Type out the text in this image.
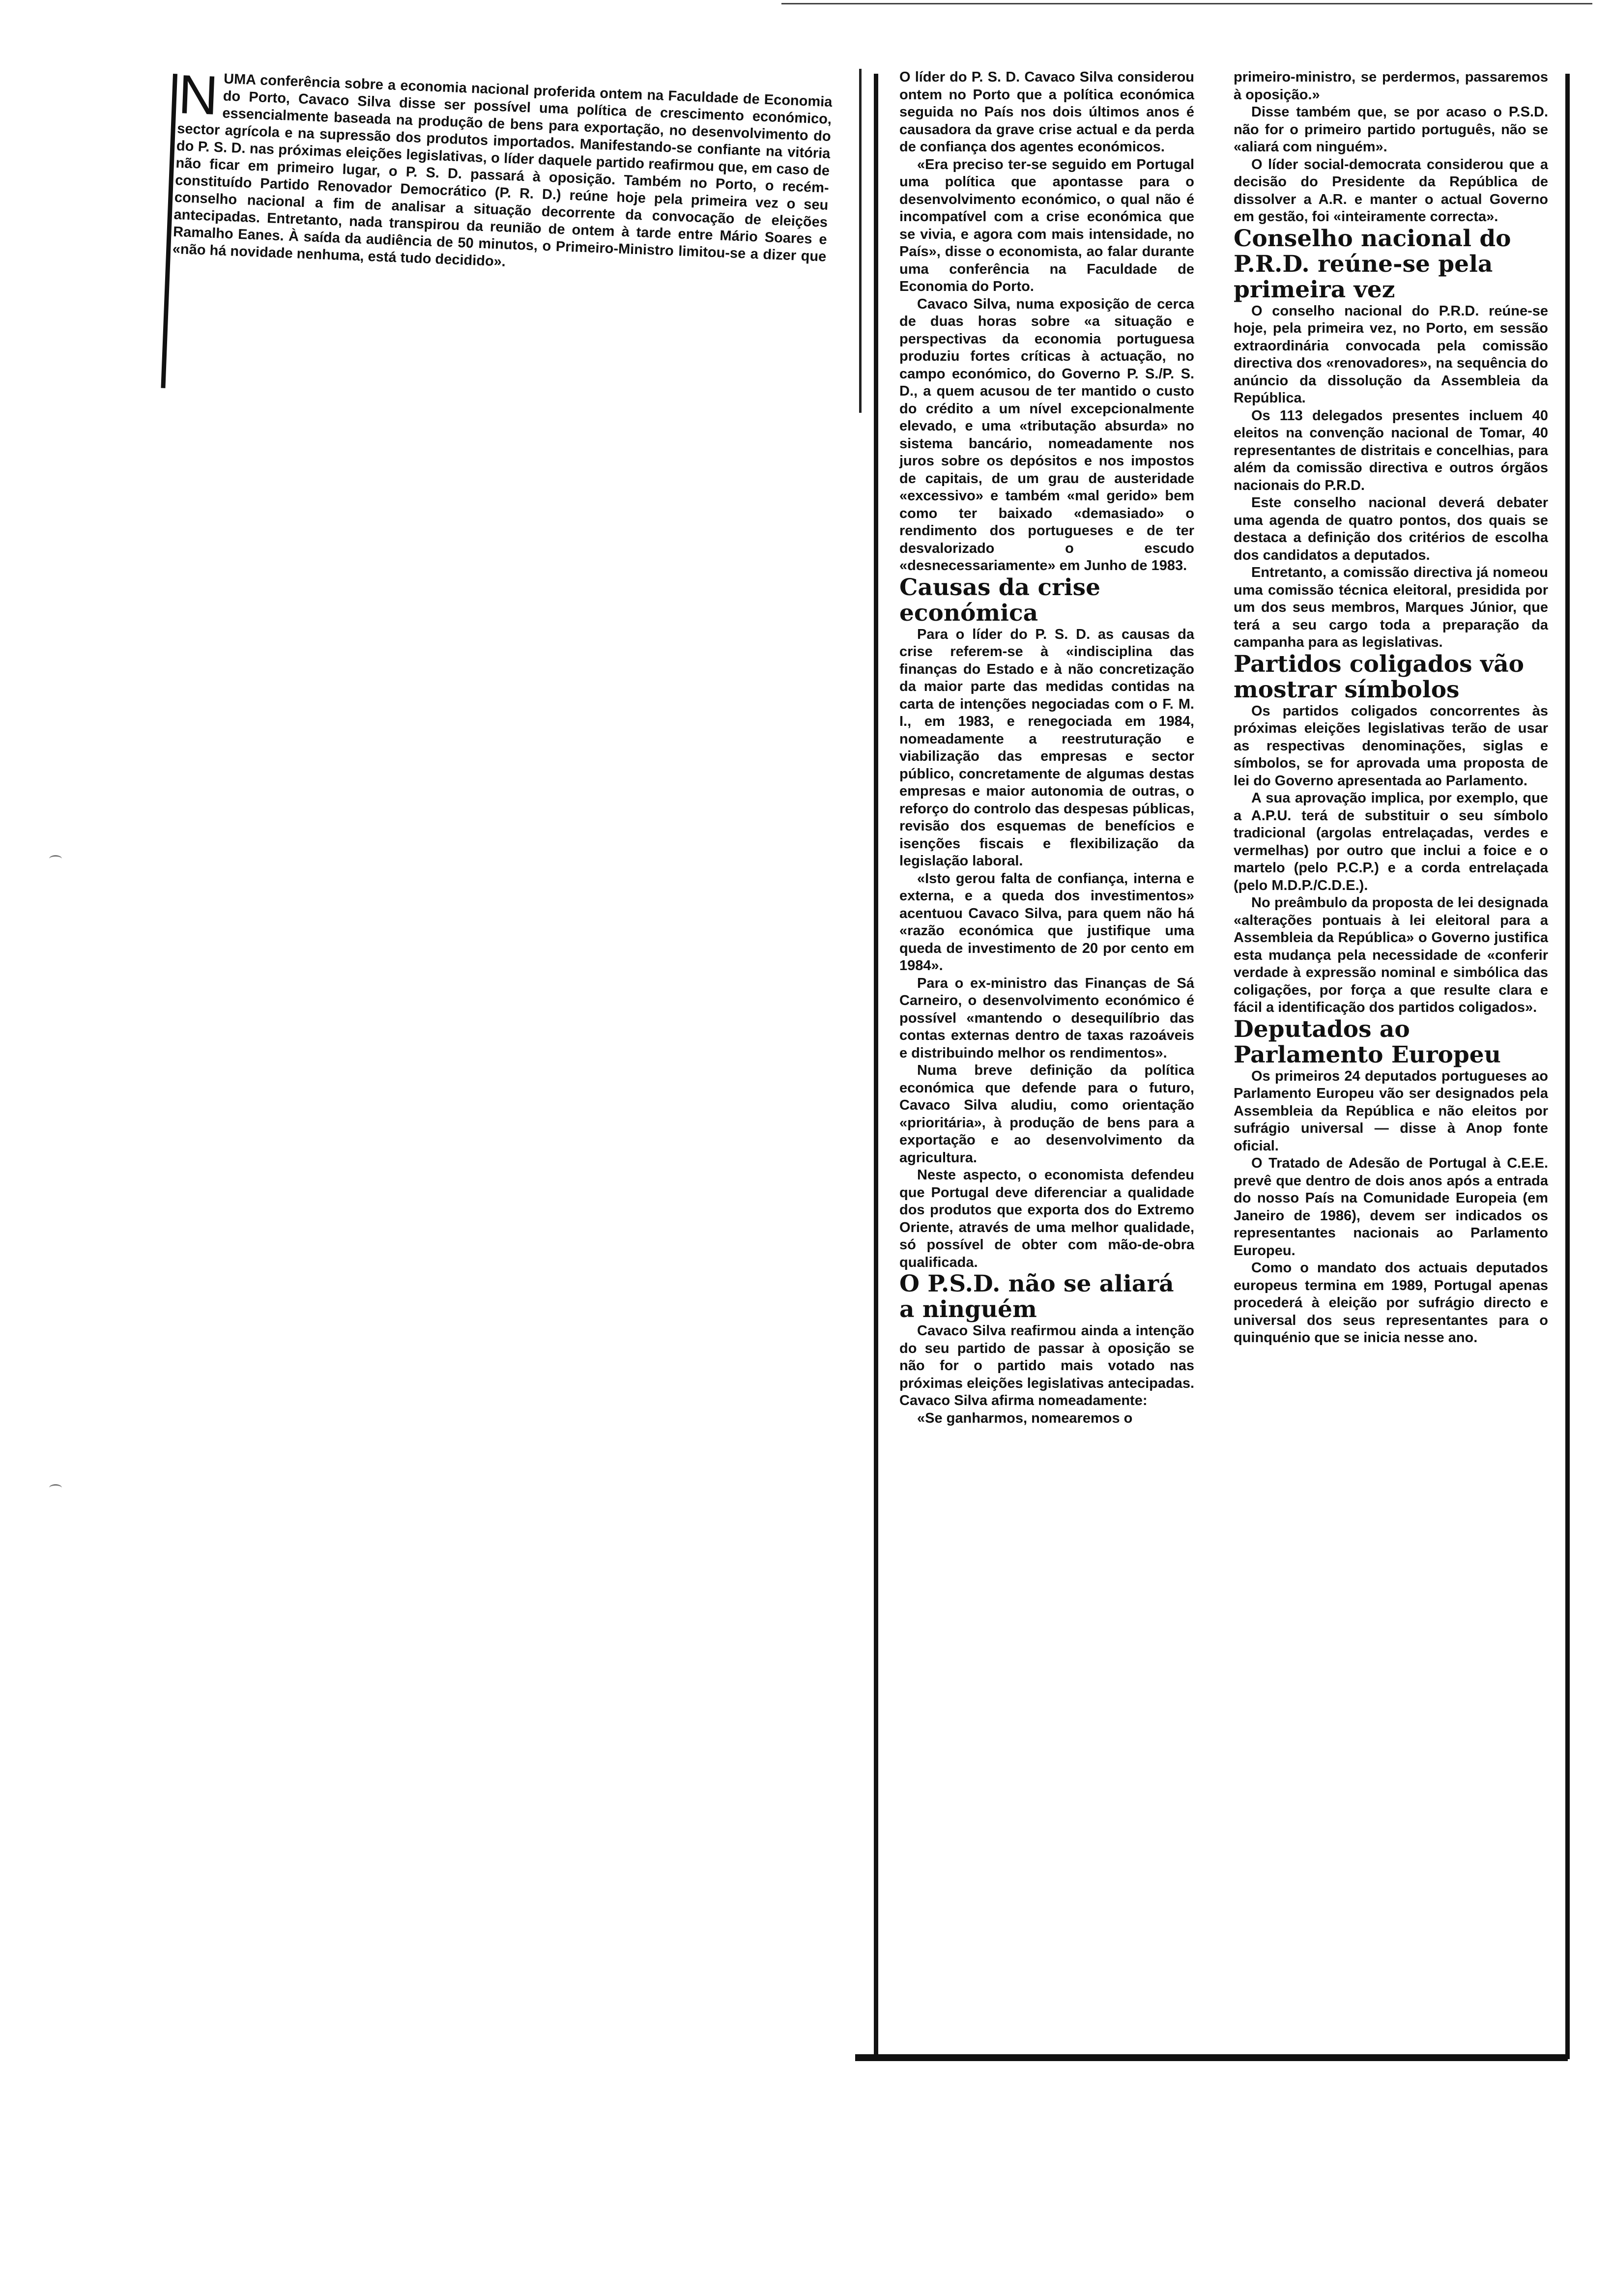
NUMA conferência sobre a economia nacional proferida ontem na Faculdade de Economia do Porto, Cavaco Silva disse ser possível uma política de crescimento económico, essencialmente baseada na produção de bens para exportação, no desenvolvimento do sector agrícola e na supressão dos produtos importados. Manifestando-se confiante na vitória do P. S. D. nas próximas eleições legislativas, o líder daquele partido reafirmou que, em caso de não ficar em primeiro lugar, o P. S. D. passará à oposição. Também no Porto, o recém-constituído Partido Renovador Democrático (P. R. D.) reúne hoje pela primeira vez o seu conselho nacional a fim de analisar a situação decorrente da convocação de eleições antecipadas. Entretanto, nada transpirou da reunião de ontem à tarde entre Mário Soares e Ramalho Eanes. À saída da audiência de 50 minutos, o Primeiro-Ministro limitou-se a dizer que «não há novidade nenhuma, está tudo decidido».

O líder do P. S. D. Cavaco Silva considerou ontem no Porto que a política económica seguida no País nos dois últimos anos é causadora da grave crise actual e da perda de confiança dos agentes económicos.

«Era preciso ter-se seguido em Portugal uma política que apontasse para o desenvolvimento económico, o qual não é incompatível com a crise económica que se vivia, e agora com mais intensidade, no País», disse o economista, ao falar durante uma conferência na Faculdade de Economia do Porto.

Cavaco Silva, numa exposição de cerca de duas horas sobre «a situação e perspectivas da economia portuguesa produziu fortes críticas à actuação, no campo económico, do Governo P. S./P. S. D., a quem acusou de ter mantido o custo do crédito a um nível excepcionalmente elevado, e uma «tributação absurda» no sistema bancário, nomeadamente nos juros sobre os depósitos e nos impostos de capitais, de um grau de austeridade «excessivo» e também «mal gerido» bem como ter baixado «demasiado» o rendimento dos portugueses e de ter desvalorizado o escudo «desnecessariamente» em Junho de 1983.

Causas da crise económica

Para o líder do P. S. D. as causas da crise referem-se à «indisciplina das finanças do Estado e à não concretização da maior parte das medidas contidas na carta de intenções negociadas com o F. M. I., em 1983, e renegociada em 1984, nomeadamente a reestruturação e viabilização das empresas e sector público, concretamente de algumas destas empresas e maior autonomia de outras, o reforço do controlo das despesas públicas, revisão dos esquemas de benefícios e isenções fiscais e flexibilização da legislação laboral.

«Isto gerou falta de confiança, interna e externa, e a queda dos investimentos» acentuou Cavaco Silva, para quem não há «razão económica que justifique uma queda de investimento de 20 por cento em 1984».

Para o ex-ministro das Finanças de Sá Carneiro, o desenvolvimento económico é possível «mantendo o desequilíbrio das contas externas dentro de taxas razoáveis e distribuindo melhor os rendimentos».

Numa breve definição da política económica que defende para o futuro, Cavaco Silva aludiu, como orientação «prioritária», à produção de bens para a exportação e ao desenvolvimento da agricultura.

Neste aspecto, o economista defendeu que Portugal deve diferenciar a qualidade dos produtos que exporta dos do Extremo Oriente, através de uma melhor qualidade, só possível de obter com mão-de-obra qualificada.

O P.S.D. não se aliará a ninguém

Cavaco Silva reafirmou ainda a intenção do seu partido de passar à oposição se não for o partido mais votado nas próximas eleições legislativas antecipadas. Cavaco Silva afirma nomeadamente:

«Se ganharmos, nomearemos o

primeiro-ministro, se perdermos, passaremos à oposição.»

Disse também que, se por acaso o P.S.D. não for o primeiro partido português, não se «aliará com ninguém».

O líder social-democrata considerou que a decisão do Presidente da República de dissolver a A.R. e manter o actual Governo em gestão, foi «inteiramente correcta».

Conselho nacional do P.R.D. reúne-se pela primeira vez

O conselho nacional do P.R.D. reúne-se hoje, pela primeira vez, no Porto, em sessão extraordinária convocada pela comissão directiva dos «renovadores», na sequência do anúncio da dissolução da Assembleia da República.

Os 113 delegados presentes incluem 40 eleitos na convenção nacional de Tomar, 40 representantes de distritais e concelhias, para além da comissão directiva e outros órgãos nacionais do P.R.D.

Este conselho nacional deverá debater uma agenda de quatro pontos, dos quais se destaca a definição dos critérios de escolha dos candidatos a deputados.

Entretanto, a comissão directiva já nomeou uma comissão técnica eleitoral, presidida por um dos seus membros, Marques Júnior, que terá a seu cargo toda a preparação da campanha para as legislativas.

Partidos coligados vão mostrar símbolos

Os partidos coligados concorrentes às próximas eleições legislativas terão de usar as respectivas denominações, siglas e símbolos, se for aprovada uma proposta de lei do Governo apresentada ao Parlamento.

A sua aprovação implica, por exemplo, que a A.P.U. terá de substituir o seu símbolo tradicional (argolas entrelaçadas, verdes e vermelhas) por outro que inclui a foice e o martelo (pelo P.C.P.) e a corda entrelaçada (pelo M.D.P./C.D.E.).

No preâmbulo da proposta de lei designada «alterações pontuais à lei eleitoral para a Assembleia da República» o Governo justifica esta mudança pela necessidade de «conferir verdade à expressão nominal e simbólica das coligações, por força a que resulte clara e fácil a identificação dos partidos coligados».

Deputados ao Parlamento Europeu

Os primeiros 24 deputados portugueses ao Parlamento Europeu vão ser designados pela Assembleia da República e não eleitos por sufrágio universal — disse à Anop fonte oficial.

O Tratado de Adesão de Portugal à C.E.E. prevê que dentro de dois anos após a entrada do nosso País na Comunidade Europeia (em Janeiro de 1986), devem ser indicados os representantes nacionais ao Parlamento Europeu.

Como o mandato dos actuais deputados europeus termina em 1989, Portugal apenas procederá à eleição por sufrágio directo e universal dos seus representantes para o quinquénio que se inicia nesse ano.
